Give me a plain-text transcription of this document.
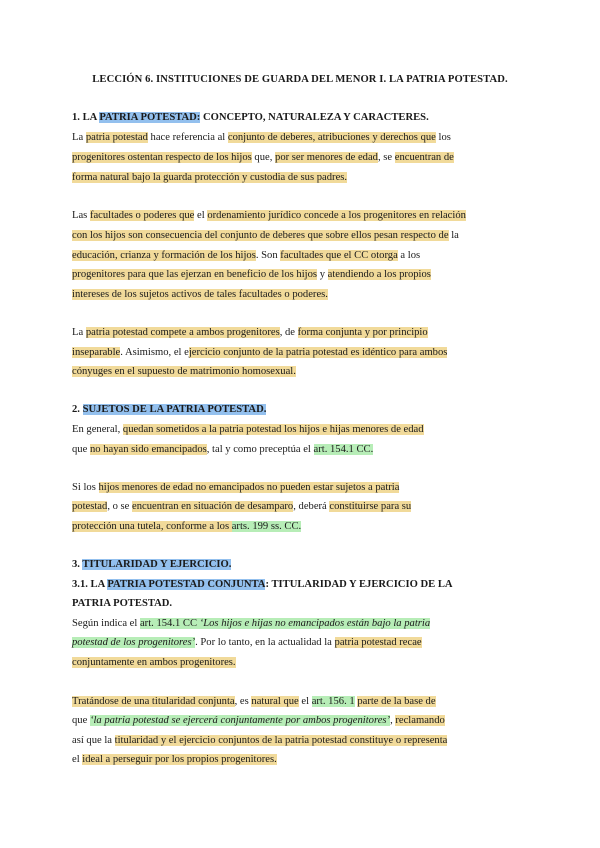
LECCIÓN 6. INSTITUCIONES DE GUARDA DEL MENOR I. LA PATRIA POTESTAD.
1. LA PATRIA POTESTAD: CONCEPTO, NATURALEZA Y CARACTERES.
La patria potestad hace referencia al conjunto de deberes, atribuciones y derechos que los
progenitores ostentan respecto de los hijos que, por ser menores de edad, se encuentran de
forma natural bajo la guarda protección y custodia de sus padres.
Las facultades o poderes que el ordenamiento jurídico concede a los progenitores en relación
con los hijos son consecuencia del conjunto de deberes que sobre ellos pesan respecto de la
educación, crianza y formación de los hijos. Son facultades que el CC otorga a los
progenitores para que las ejerzan en beneficio de los hijos y atendiendo a los propios
intereses de los sujetos activos de tales facultades o poderes.
La patria potestad compete a ambos progenitores, de forma conjunta y por principio
inseparable. Asimismo, el ejercicio conjunto de la patria potestad es idéntico para ambos
cónyuges en el supuesto de matrimonio homosexual.
2. SUJETOS DE LA PATRIA POTESTAD.
En general, quedan sometidos a la patria potestad los hijos e hijas menores de edad
que no hayan sido emancipados, tal y como preceptúa el art. 154.1 CC.
Si los hijos menores de edad no emancipados no pueden estar sujetos a patria
potestad, o se encuentran en situación de desamparo, deberá constituirse para su
protección una tutela, conforme a los arts. 199 ss. CC.
3. TITULARIDAD Y EJERCICIO.
3.1. LA PATRIA POTESTAD CONJUNTA: TITULARIDAD Y EJERCICIO DE LA
PATRIA POTESTAD.
Según indica el art. 154.1 CC ‘Los hijos e hijas no emancipados están bajo la patria
potestad de los progenitores’. Por lo tanto, en la actualidad la patria potestad recae
conjuntamente en ambos progenitores.
Tratándose de una titularidad conjunta, es natural que el art. 156. 1 parte de la base de
que ‘la patria potestad se ejercerá conjuntamente por ambos progenitores’, reclamando
así que la titularidad y el ejercicio conjuntos de la patria potestad constituye o representa
el ideal a perseguir por los propios progenitores.
